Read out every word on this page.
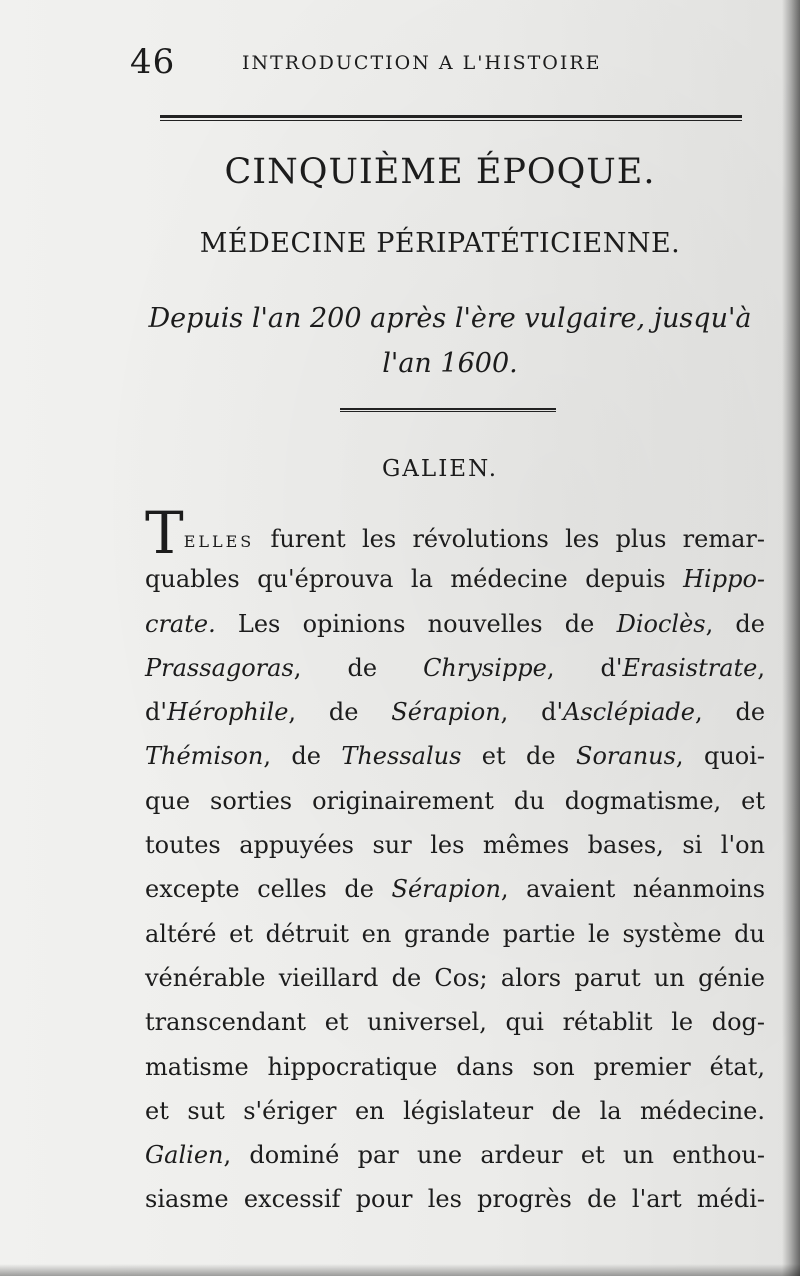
46	INTRODUCTION A L'HISTOIRE
CINQUIÈME ÉPOQUE.
MÉDECINE PÉRIPATÉTICIENNE.
Depuis l'an 200 après l'ère vulgaire, jusqu'à
l'an 1600.
GALIEN.
TELLES furent les révolutions les plus remar-
quables qu'éprouva la médecine depuis Hippo-
crate. Les opinions nouvelles de Dioclès, de
Prassagoras, de Chrysippe, d'Erasistrate,
d'Hérophile, de Sérapion, d'Asclépiade, de
Thémison, de Thessalus et de Soranus, quoi-
que sorties originairement du dogmatisme, et
toutes appuyées sur les mêmes bases, si l'on
excepte celles de Sérapion, avaient néanmoins
altéré et détruit en grande partie le système du
vénérable vieillard de Cos; alors parut un génie
transcendant et universel, qui rétablit le dog-
matisme hippocratique dans son premier état,
et sut s'ériger en législateur de la médecine.
Galien, dominé par une ardeur et un enthou-
siasme excessif pour les progrès de l'art médi-
